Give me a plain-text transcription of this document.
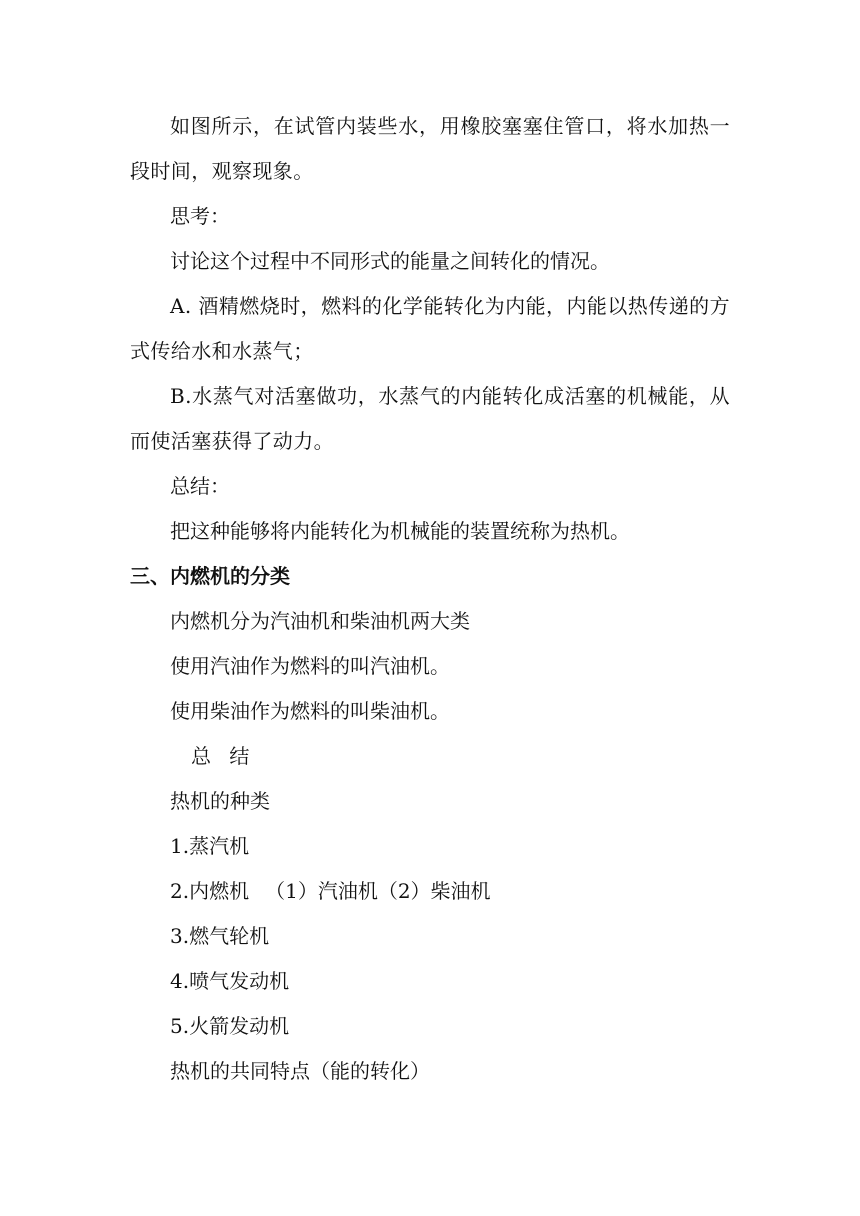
如图所示，在试管内装些水，用橡胶塞塞住管口，将水加热一段时间，观察现象。

思考：

讨论这个过程中不同形式的能量之间转化的情况。

A. 酒精燃烧时，燃料的化学能转化为内能，内能以热传递的方式传给水和水蒸气；

B.水蒸气对活塞做功，水蒸气的内能转化成活塞的机械能，从而使活塞获得了动力。

总结：

把这种能够将内能转化为机械能的装置统称为热机。

三、内燃机的分类

内燃机分为汽油机和柴油机两大类

使用汽油作为燃料的叫汽油机。

使用柴油作为燃料的叫柴油机。

总 结

热机的种类

1.蒸汽机

2.内燃机 （1）汽油机（2）柴油机

3.燃气轮机

4.喷气发动机

5.火箭发动机

热机的共同特点（能的转化）
